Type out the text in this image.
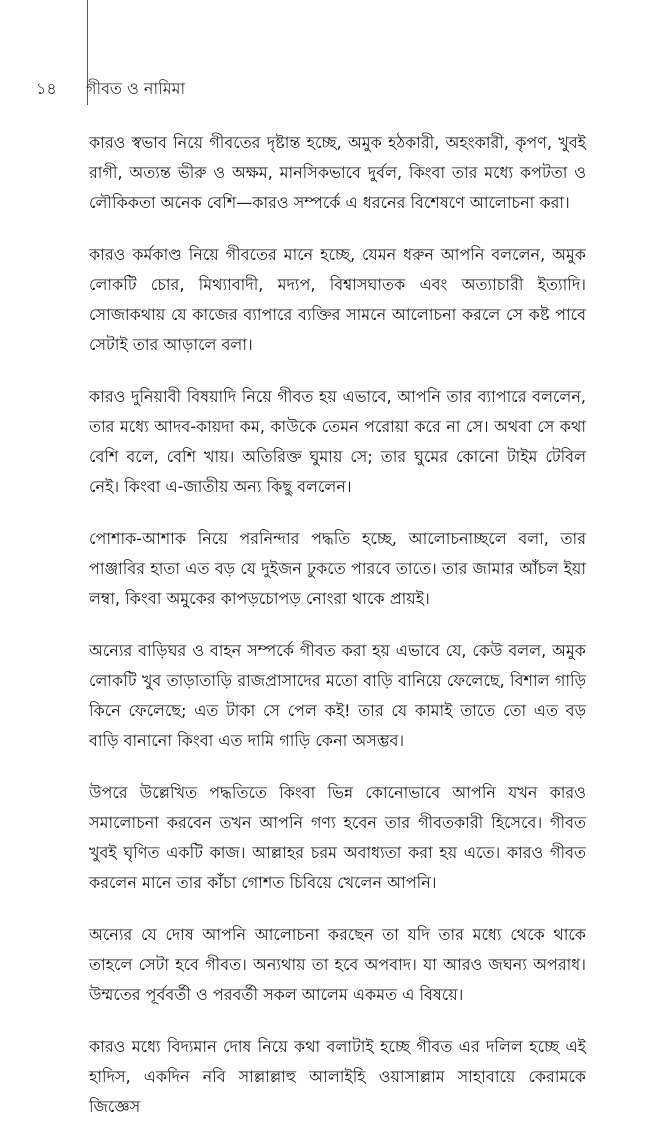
১৪	গীবত ও নামিমা

কারও স্বভাব নিয়ে গীবতের দৃষ্টান্ত হচ্ছে, অমুক হঠকারী, অহংকারী, কৃপণ, খুবই রাগী, অত্যন্ত ভীরু ও অক্ষম, মানসিকভাবে দুর্বল, কিংবা তার মধ্যে কপটতা ও লৌকিকতা অনেক বেশি—কারও সম্পর্কে এ ধরনের বিশেষণে আলোচনা করা।

কারও কর্মকাণ্ড নিয়ে গীবতের মানে হচ্ছে, যেমন ধরুন আপনি বললেন, অমুক লোকটি চোর, মিথ্যাবাদী, মদ্যপ, বিশ্বাসঘাতক এবং অত্যাচারী ইত্যাদি। সোজাকথায় যে কাজের ব্যাপারে ব্যক্তির সামনে আলোচনা করলে সে কষ্ট পাবে সেটাই তার আড়ালে বলা।

কারও দুনিয়াবী বিষয়াদি নিয়ে গীবত হয় এভাবে, আপনি তার ব্যাপারে বললেন, তার মধ্যে আদব-কায়দা কম, কাউকে তেমন পরোয়া করে না সে। অথবা সে কথা বেশি বলে, বেশি খায়। অতিরিক্ত ঘুমায় সে; তার ঘুমের কোনো টাইম টেবিল নেই। কিংবা এ-জাতীয় অন্য কিছু বললেন।

পোশাক-আশাক নিয়ে পরনিন্দার পদ্ধতি হচ্ছে, আলোচনাচ্ছলে বলা, তার পাঞ্জাবির হাতা এত বড় যে দুইজন ঢুকতে পারবে তাতে। তার জামার আঁচল ইয়া লম্বা, কিংবা অমুকের কাপড়চোপড় নোংরা থাকে প্রায়ই।

অন্যের বাড়িঘর ও বাহন সম্পর্কে গীবত করা হয় এভাবে যে, কেউ বলল, অমুক লোকটি খুব তাড়াতাড়ি রাজপ্রাসাদের মতো বাড়ি বানিয়ে ফেলেছে, বিশাল গাড়ি কিনে ফেলেছে; এত টাকা সে পেল কই! তার যে কামাই তাতে তো এত বড় বাড়ি বানানো কিংবা এত দামি গাড়ি কেনা অসম্ভব।

উপরে উল্লেখিত পদ্ধতিতে কিংবা ভিন্ন কোনোভাবে আপনি যখন কারও সমালোচনা করবেন তখন আপনি গণ্য হবেন তার গীবতকারী হিসেবে। গীবত খুবই ঘৃণিত একটি কাজ। আল্লাহর চরম অবাধ্যতা করা হয় এতে। কারও গীবত করলেন মানে তার কাঁচা গোশত চিবিয়ে খেলেন আপনি।

অন্যের যে দোষ আপনি আলোচনা করছেন তা যদি তার মধ্যে থেকে থাকে তাহলে সেটা হবে গীবত। অন্যথায় তা হবে অপবাদ। যা আরও জঘন্য অপরাধ। উম্মতের পূর্ববর্তী ও পরবর্তী সকল আলেম একমত এ বিষয়ে।

কারও মধ্যে বিদ্যমান দোষ নিয়ে কথা বলাটাই হচ্ছে গীবত এর দলিল হচ্ছে এই হাদিস, একদিন নবি সাল্লাল্লাহু আলাইহি ওয়াসাল্লাম সাহাবায়ে কেরামকে জিজ্ঞেস
